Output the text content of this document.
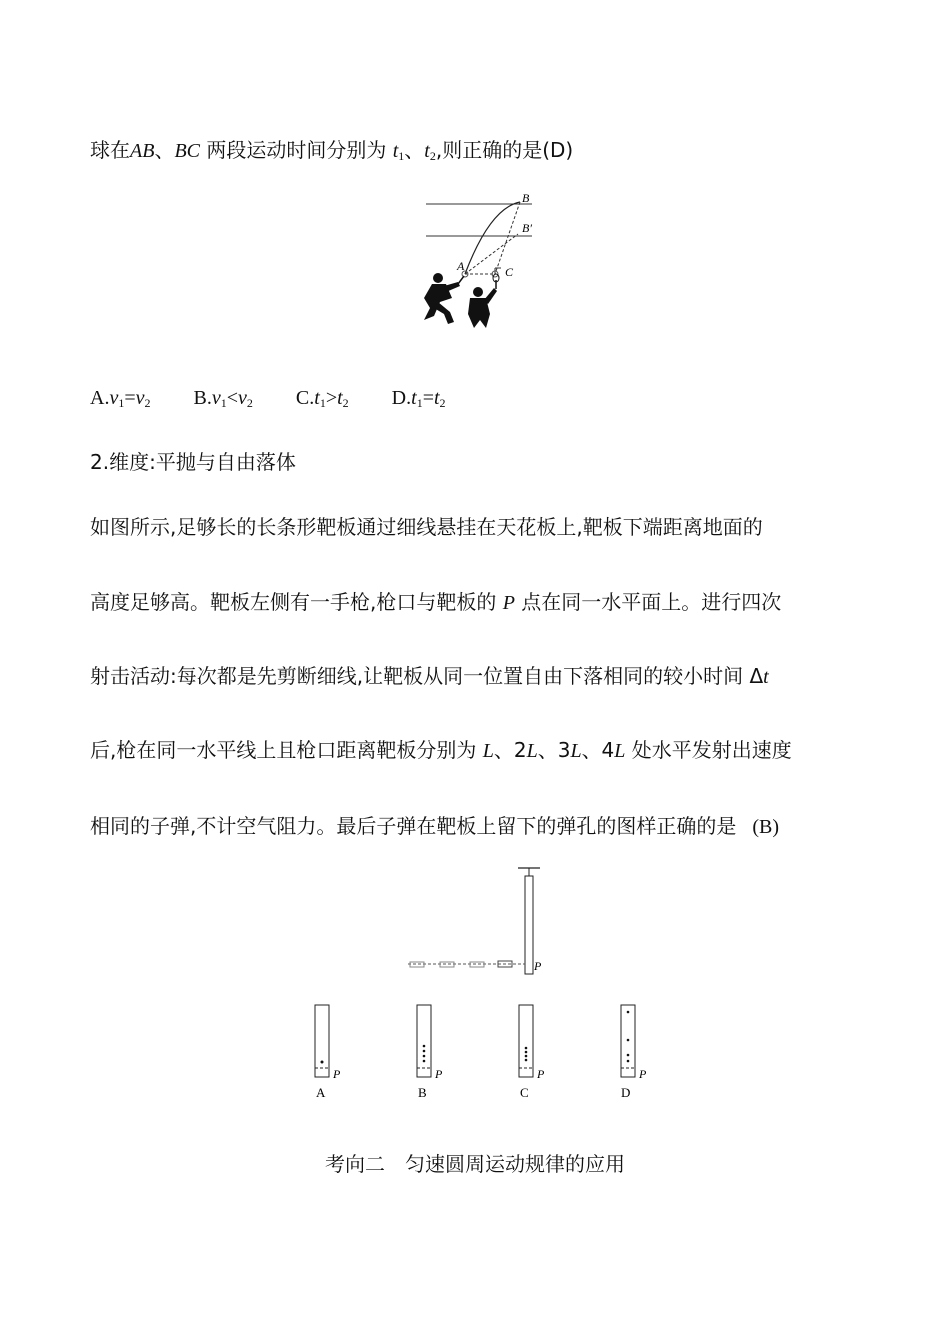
球在AB、BC 两段运动时间分别为 $t_1$、$t_2$,则正确的是(D)
B
B′
A	C
$A.v_1=v_2$ $B.v_1<v_2$ $C.t_1>t_2$ $D.t_1=t_2$
2.维度:平抛与自由落体
如图所示,足够长的长条形靶板通过细线悬挂在天花板上,靶板下端距离地面的
高度足够高。靶板左侧有一手枪,枪口与靶板的 P 点在同一水平面上。进行四次
射击活动:每次都是先剪断细线,让靶板从同一位置自由下落相同的较小时间 Δt
后,枪在同一水平线上且枪口距离靶板分别为 L、2L、3L、4L 处水平发射出速度
相同的子弹,不计空气阻力。最后子弹在靶板上留下的弹孔的图样正确的是 (B)
P
P
A
P
B
P
C
P
D
考向二　匀速圆周运动规律的应用
